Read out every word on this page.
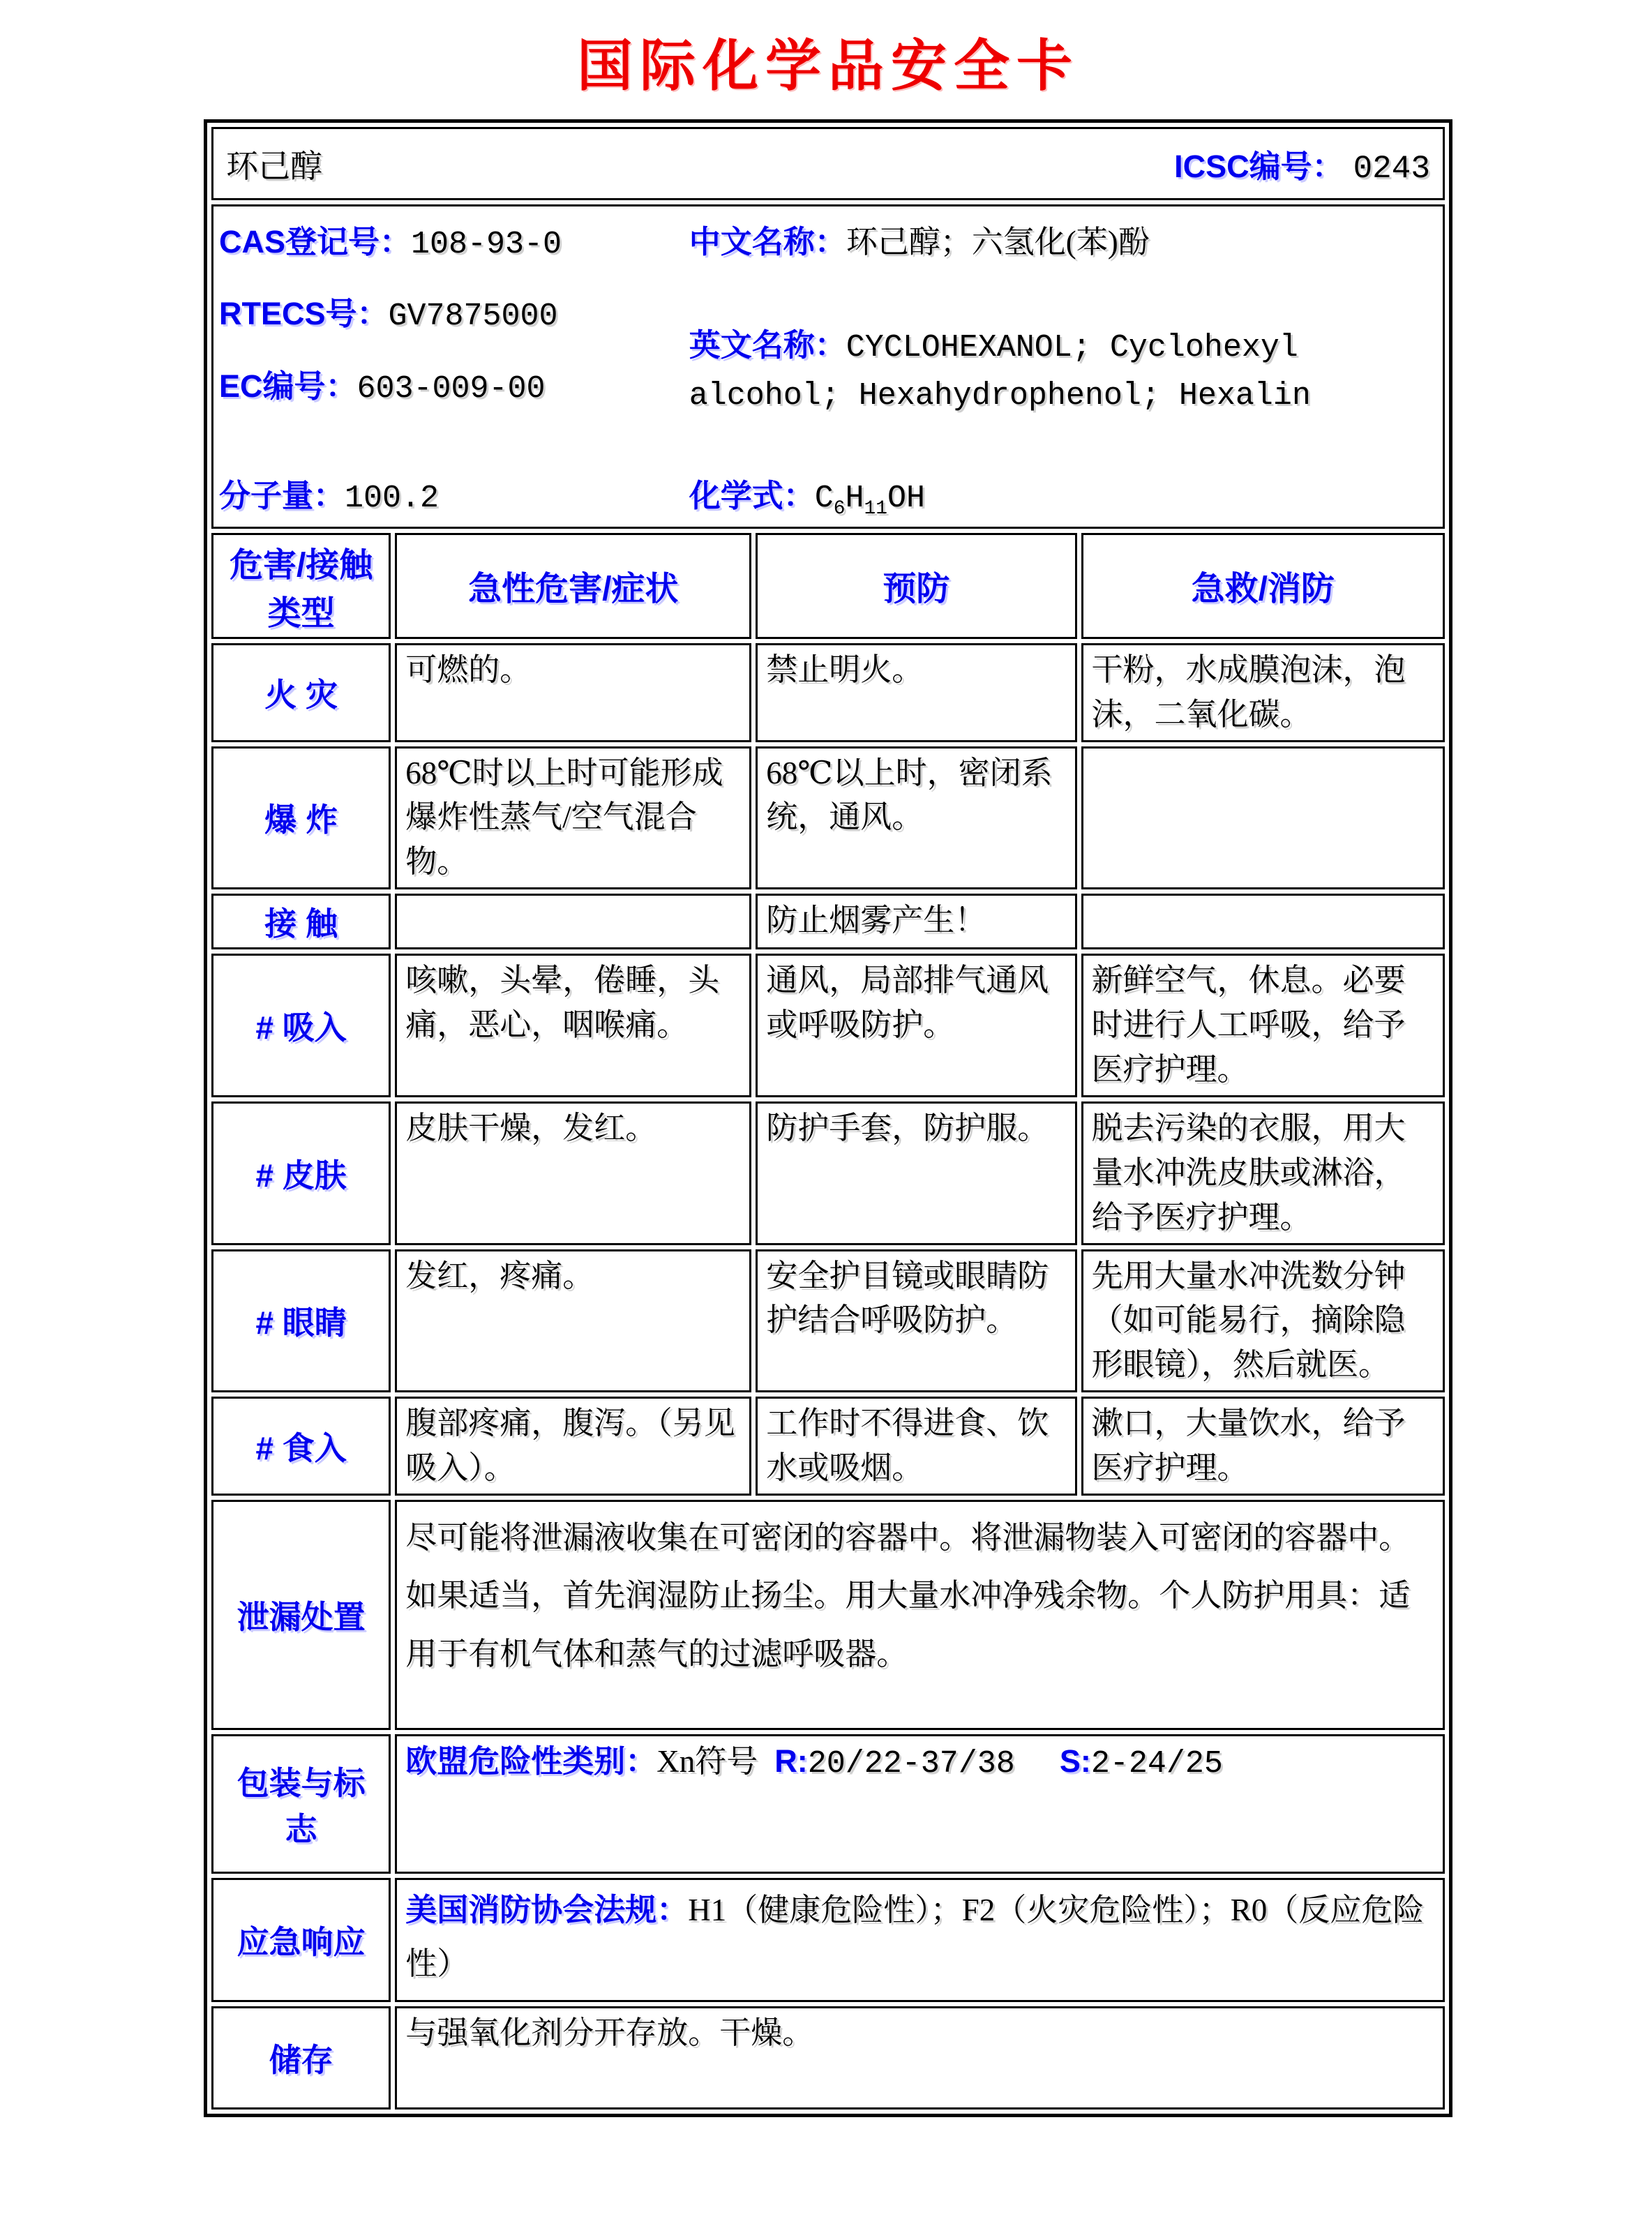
国际化学品安全卡
环己醇 ICSC编号： 0243			

CAS登记号：108-93-0

RTECS号：GV7875000

EC编号：603-009-00

中文名称：环己醇；六氢化(苯)酚

英文名称：CYCLOHEXANOL; Cyclohexyl alcohol; Hexahydrophenol; Hexalin

分子量：100.2	化学式：$C_6H_{11}OH$

危害/接触类型	急性危害/症状	预防	急救/消防
火 灾	可燃的。	禁止明火。	干粉，水成膜泡沫，泡沫，二氧化碳。
爆 炸	68℃时以上时可能形成爆炸性蒸气/空气混合物。	68℃以上时，密闭系统，通风。	
接 触		防止烟雾产生！	
# 吸入	咳嗽，头晕，倦睡，头痛，恶心，咽喉痛。	通风，局部排气通风或呼吸防护。	新鲜空气，休息。必要时进行人工呼吸，给予医疗护理。
# 皮肤	皮肤干燥，发红。	防护手套，防护服。	脱去污染的衣服，用大量水冲洗皮肤或淋浴，给予医疗护理。
# 眼睛	发红，疼痛。	安全护目镜或眼睛防护结合呼吸防护。	先用大量水冲洗数分钟（如可能易行，摘除隐形眼镜），然后就医。
# 食入	腹部疼痛，腹泻。（另见吸入）。	工作时不得进食、饮水或吸烟。	漱口，大量饮水，给予医疗护理。
泄漏处置	尽可能将泄漏液收集在可密闭的容器中。将泄漏物装入可密闭的容器中。如果适当，首先润湿防止扬尘。用大量水冲净残余物。个人防护用具：适用于有机气体和蒸气的过滤呼吸器。		
包装与标志	欧盟危险性类别：Xn符号 R:20/22-37/38 S:2-24/25		
应急响应	美国消防协会法规：H1（健康危险性）；F2（火灾危险性）；R0（反应危险性）		
储存	与强氧化剂分开存放。干燥。		
